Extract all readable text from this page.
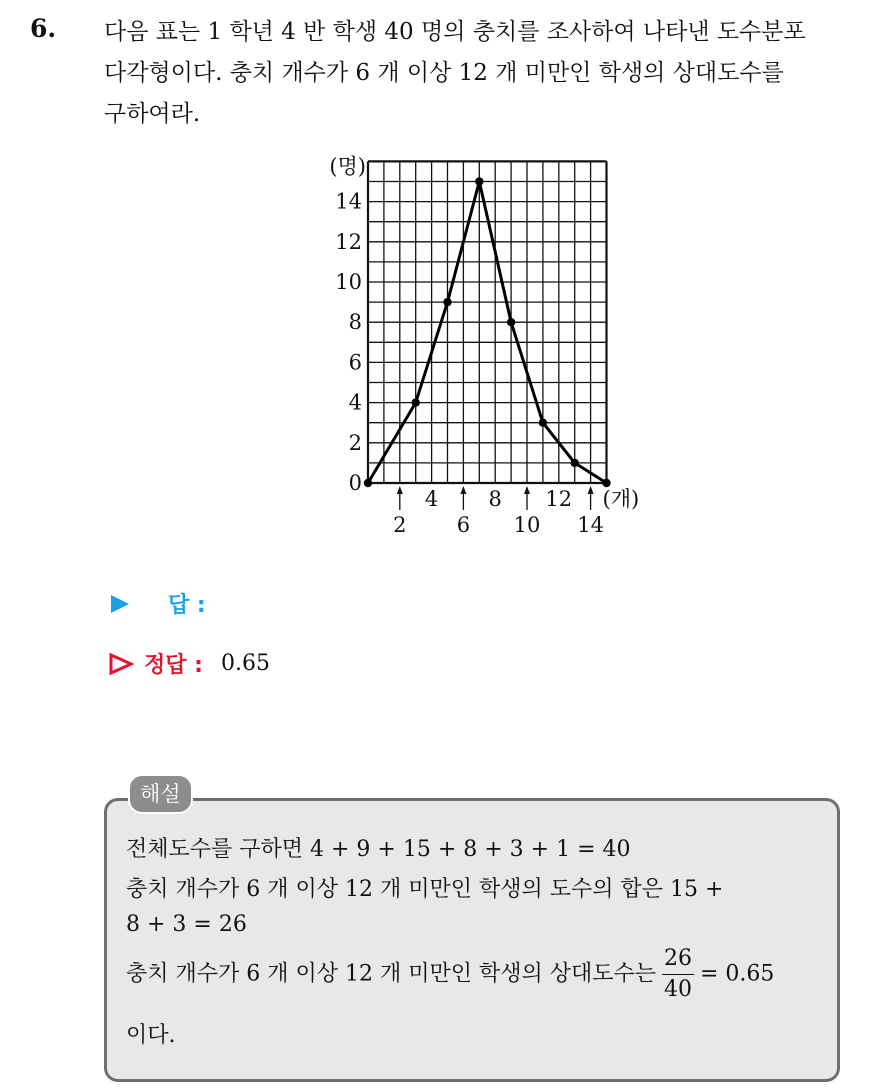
6. 다음 표는 1 학년 4 반 학생 40 명의 충치를 조사하여 나타낸 도수분포

다각형이다. 충치 개수가 6 개 이상 12 개 미만인 학생의 상대도수를

구하여라.

0
2
4
6
8
10
12
14
(명)
4 8 12
2 6 10 14
(개)
답 :
정답 : 0.65
해설
전체도수를 구하면 4 + 9 + 15 + 8 + 3 + 1 = 40
충치 개수가 6 개 이상 12 개 미만인 학생의 도수의 합은 15 +
8 + 3 = 26
충치 개수가 6 개 이상 12 개 미만인 학생의 상대도수는 $\frac{26}{40} = 0.65$
이다.
